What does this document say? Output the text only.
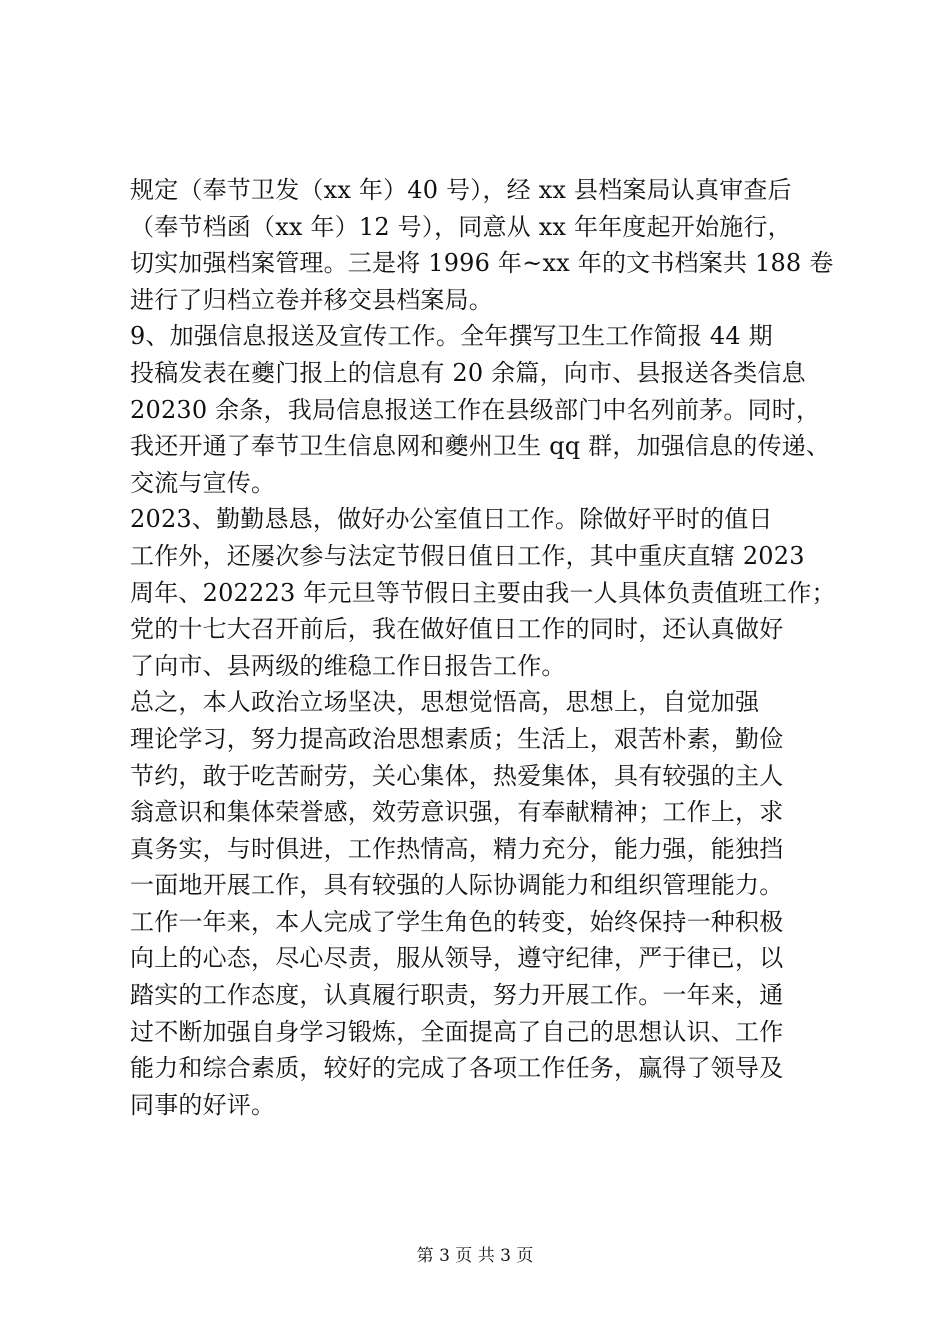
规定（奉节卫发（xx 年）40 号），经 xx 县档案局认真审查后
（奉节档函（xx 年）12 号），同意从 xx 年年度起开始施行，
切实加强档案管理。三是将 1996 年~xx 年的文书档案共 188 卷
进行了归档立卷并移交县档案局。
9、加强信息报送及宣传工作。全年撰写卫生工作简报 44 期
投稿发表在夔门报上的信息有 20 余篇，向市、县报送各类信息
20230 余条，我局信息报送工作在县级部门中名列前茅。同时，
我还开通了奉节卫生信息网和夔州卫生 qq 群，加强信息的传递、
交流与宣传。
2023、勤勤恳恳，做好办公室值日工作。除做好平时的值日
工作外，还屡次参与法定节假日值日工作，其中重庆直辖 2023
周年、202223 年元旦等节假日主要由我一人具体负责值班工作；
党的十七大召开前后，我在做好值日工作的同时，还认真做好
了向市、县两级的维稳工作日报告工作。
总之，本人政治立场坚决，思想觉悟高，思想上，自觉加强
理论学习，努力提高政治思想素质；生活上，艰苦朴素，勤俭
节约，敢于吃苦耐劳，关心集体，热爱集体，具有较强的主人
翁意识和集体荣誉感，效劳意识强，有奉献精神；工作上，求
真务实，与时俱进，工作热情高，精力充分，能力强，能独挡
一面地开展工作，具有较强的人际协调能力和组织管理能力。
工作一年来，本人完成了学生角色的转变，始终保持一种积极
向上的心态，尽心尽责，服从领导，遵守纪律，严于律已，以
踏实的工作态度，认真履行职责，努力开展工作。一年来，通
过不断加强自身学习锻炼，全面提高了自己的思想认识、工作
能力和综合素质，较好的完成了各项工作任务，赢得了领导及
同事的好评。
第 3 页 共 3 页
